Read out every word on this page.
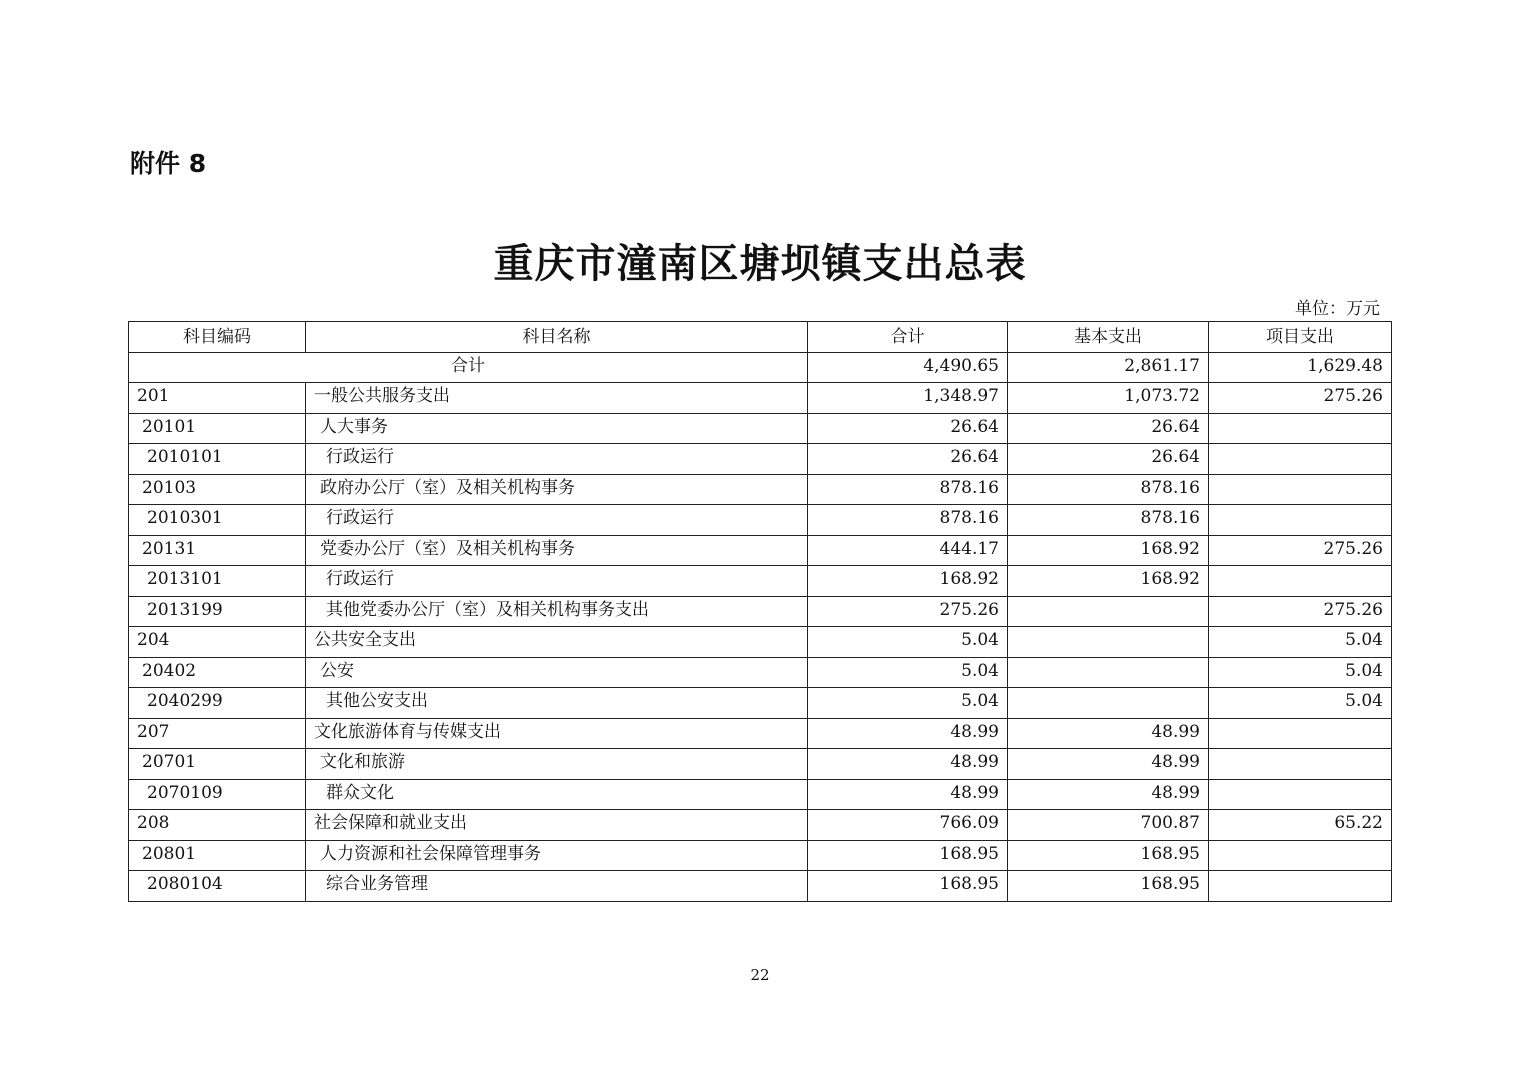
附件 8
重庆市潼南区塘坝镇支出总表
单位：万元
科目编码	科目名称	合计	基本支出	项目支出
合计		4,490.65	2,861.17	1,629.48
201	一般公共服务支出	1,348.97	1,073.72	275.26
20101	人大事务	26.64	26.64	
2010101	行政运行	26.64	26.64	
20103	政府办公厅（室）及相关机构事务	878.16	878.16	
2010301	行政运行	878.16	878.16	
20131	党委办公厅（室）及相关机构事务	444.17	168.92	275.26
2013101	行政运行	168.92	168.92	
2013199	其他党委办公厅（室）及相关机构事务支出	275.26		275.26
204	公共安全支出	5.04		5.04
20402	公安	5.04		5.04
2040299	其他公安支出	5.04		5.04
207	文化旅游体育与传媒支出	48.99	48.99	
20701	文化和旅游	48.99	48.99	
2070109	群众文化	48.99	48.99	
208	社会保障和就业支出	766.09	700.87	65.22
20801	人力资源和社会保障管理事务	168.95	168.95	
2080104	综合业务管理	168.95	168.95	
22
